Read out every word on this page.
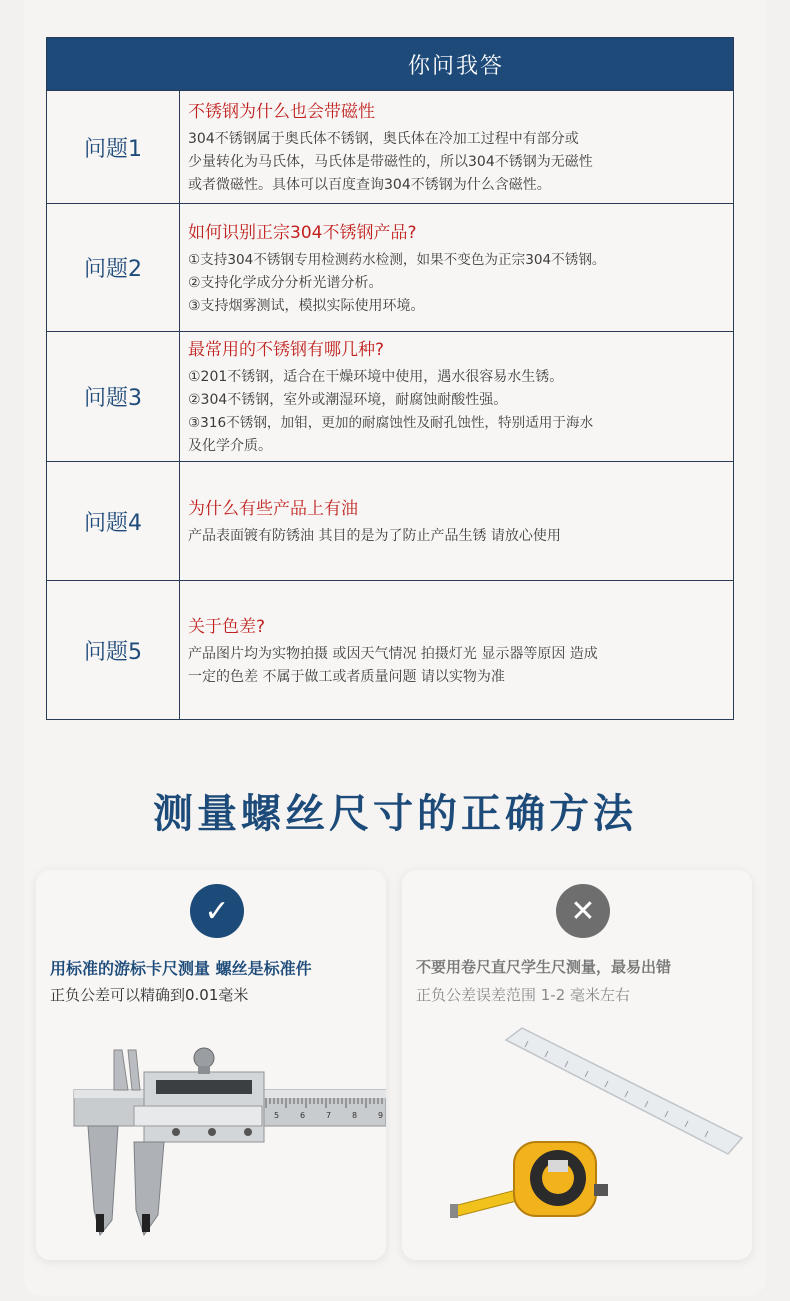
你问我答
问题1
不锈钢为什么也会带磁性
304不锈钢属于奥氏体不锈钢，奥氏体在冷加工过程中有部分或
少量转化为马氏体，马氏体是带磁性的，所以304不锈钢为无磁性
或者微磁性。具体可以百度查询304不锈钢为什么含磁性。
问题2
如何识别正宗304不锈钢产品?
①支持304不锈钢专用检测药水检测，如果不变色为正宗304不锈钢。
②支持化学成分分析光谱分析。
③支持烟雾测试，模拟实际使用环境。
问题3
最常用的不锈钢有哪几种?
①201不锈钢，适合在干燥环境中使用，遇水很容易水生锈。
②304不锈钢，室外或潮湿环境，耐腐蚀耐酸性强。
③316不锈钢，加钼，更加的耐腐蚀性及耐孔蚀性，特别适用于海水
及化学介质。
问题4
为什么有些产品上有油
产品表面镀有防锈油 其目的是为了防止产品生锈 请放心使用
问题5
关于色差?
产品图片均为实物拍摄 或因天气情况 拍摄灯光 显示器等原因 造成
一定的色差 不属于做工或者质量问题 请以实物为准
测量螺丝尺寸的正确方法
✓
用标准的游标卡尺测量 螺丝是标准件
正负公差可以精确到0.01毫米
5	6	7	8	9
✕
不要用卷尺直尺学生尺测量，最易出错
正负公差误差范围 1-2 毫米左右
